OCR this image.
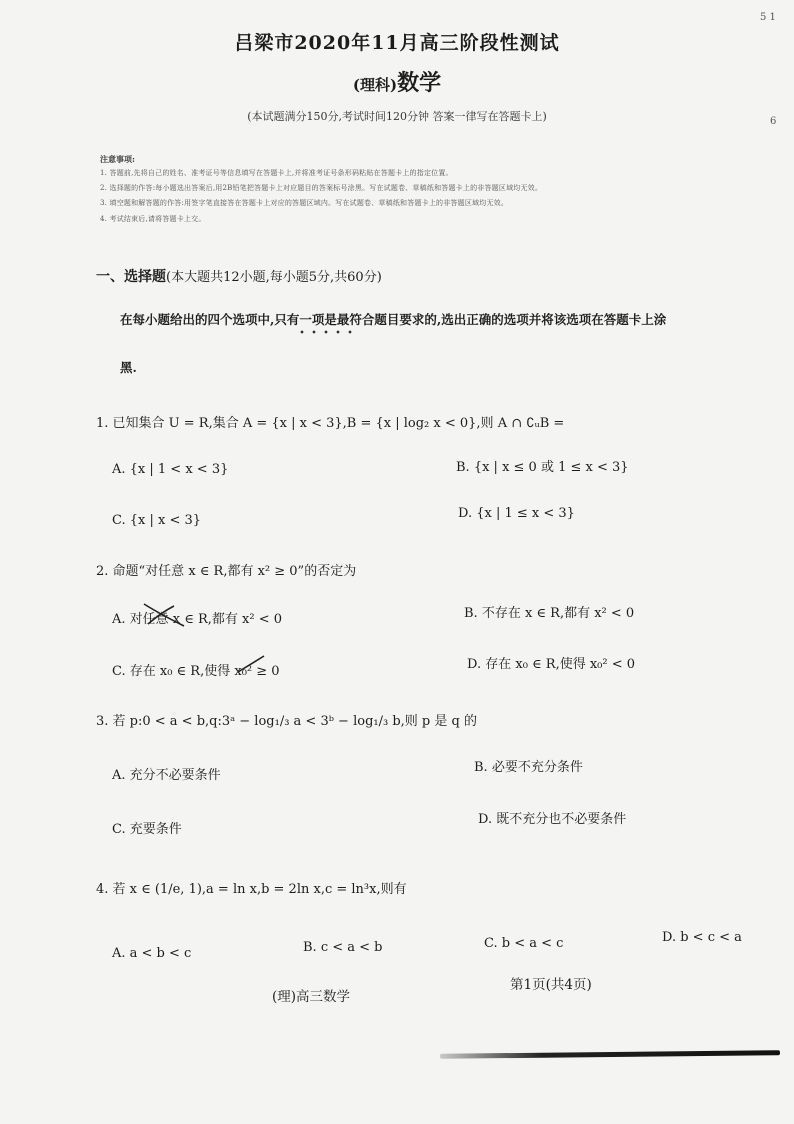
5 1
6
吕梁市2020年11月高三阶段性测试
(理科)数学
(本试题满分150分,考试时间120分钟 答案一律写在答题卡上)
注意事项:
1. 答题前,先将自己的姓名、准考证号等信息填写在答题卡上,并将准考证号条形码粘贴在答题卡上的指定位置。
2. 选择题的作答:每小题选出答案后,用2B铅笔把答题卡上对应题目的答案标号涂黑。写在试题卷、草稿纸和答题卡上的非答题区域均无效。
3. 填空题和解答题的作答:用签字笔直接答在答题卡上对应的答题区域内。写在试题卷、草稿纸和答题卡上的非答题区域均无效。
4. 考试结束后,请将答题卡上交。
一、选择题(本大题共12小题,每小题5分,共60分)
在每小题给出的四个选项中,只有一项是最符合题目要求的,选出正确的选项并将该选项在答题卡上涂
黑.
1. 已知集合 U = R,集合 A = {x | x < 3},B = {x | log₂ x < 0},则 A ∩ ∁ᵤB =
A. {x | 1 < x < 3}	B. {x | x ≤ 0 或 1 ≤ x < 3}
C. {x | x < 3}	D. {x | 1 ≤ x < 3}
2. 命题“对任意 x ∈ R,都有 x² ≥ 0”的否定为
A. 对任意 x ∈ R,都有 x² < 0	B. 不存在 x ∈ R,都有 x² < 0
C. 存在 x₀ ∈ R,使得 x₀² ≥ 0	D. 存在 x₀ ∈ R,使得 x₀² < 0
3. 若 p:0 < a < b,q:3ᵃ − log₁/₃ a < 3ᵇ − log₁/₃ b,则 p 是 q 的
A. 充分不必要条件
B. 必要不充分条件
C. 充要条件
D. 既不充分也不必要条件
4. 若 x ∈ (1/e, 1),a = ln x,b = 2ln x,c = ln³x,则有
A. a < b < c	B. c < a < b	C. b < a < c	D. b < c < a
(理)高三数学
第1页(共4页)
